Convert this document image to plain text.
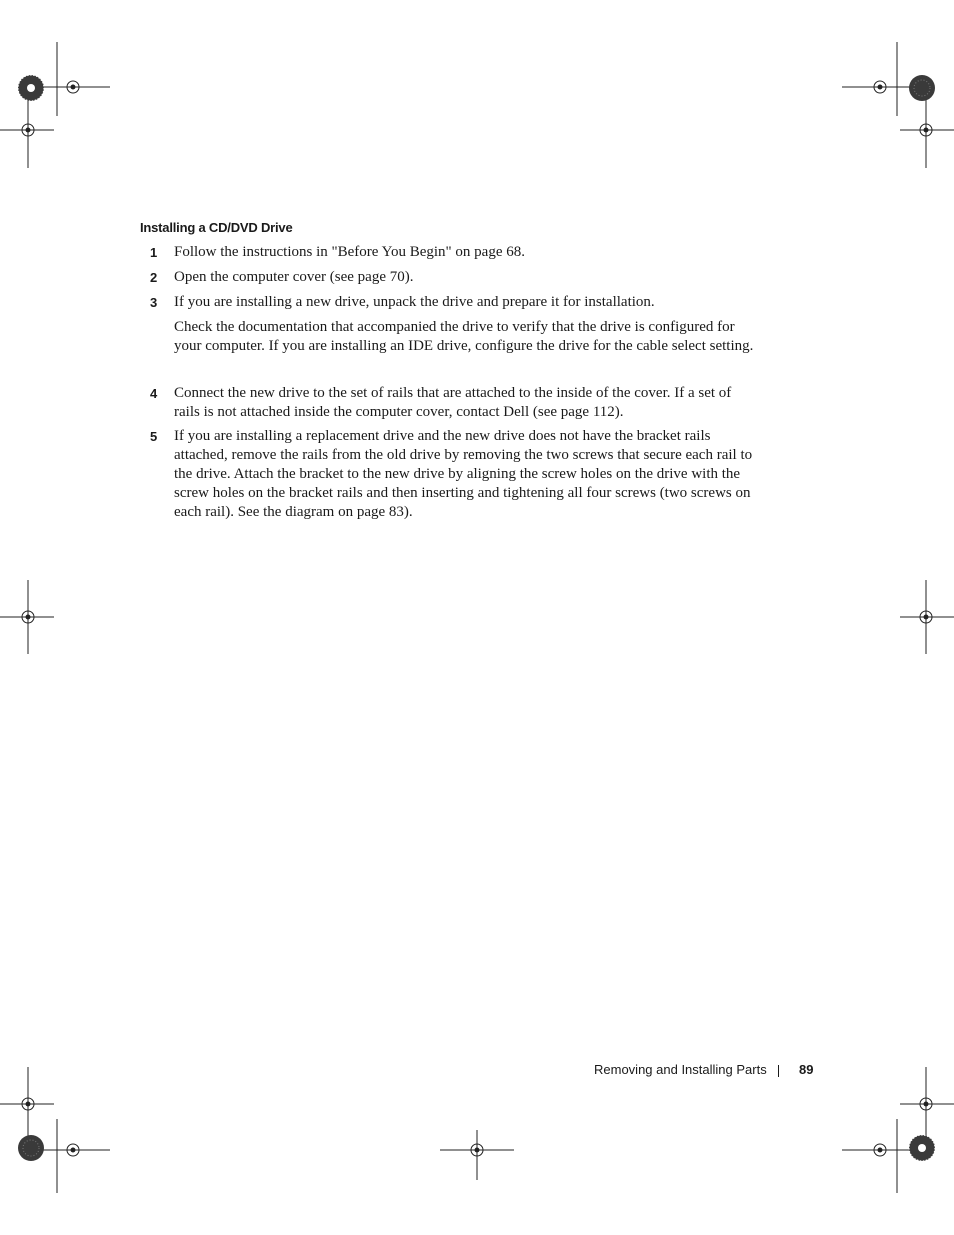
Installing a CD/DVD Drive
1 Follow the instructions in "Before You Begin" on page 68.
2 Open the computer cover (see page 70).
3 If you are installing a new drive, unpack the drive and prepare it for installation.
Check the documentation that accompanied the drive to verify that the drive is configured for your computer. If you are installing an IDE drive, configure the drive for the cable select setting.
4 Connect the new drive to the set of rails that are attached to the inside of the cover. If a set of rails is not attached inside the computer cover, contact Dell (see page 112).
5 If you are installing a replacement drive and the new drive does not have the bracket rails attached, remove the rails from the old drive by removing the two screws that secure each rail to the drive. Attach the bracket to the new drive by aligning the screw holes on the drive with the screw holes on the bracket rails and then inserting and tightening all four screws (two screws on each rail). See the diagram on page 83).
Removing and Installing Parts 89
